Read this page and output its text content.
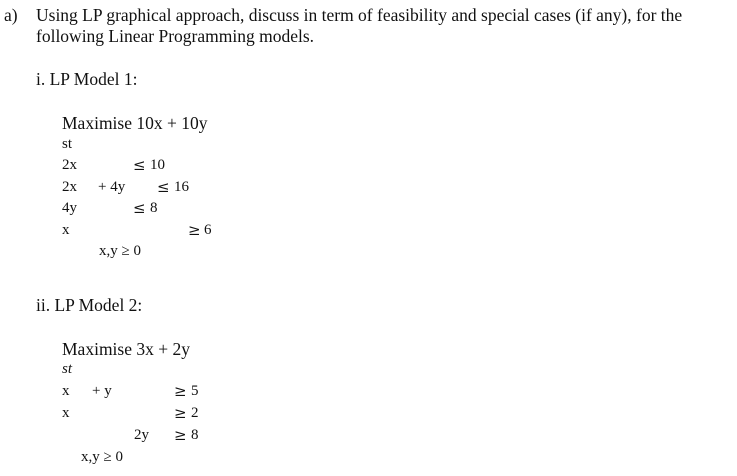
a) Using LP graphical approach, discuss in term of feasibility and special cases (if any), for the
following Linear Programming models.
i. LP Model 1:
Maximise 10x + 10y
st
2x	≤ 10
2x + 4y ≤ 16
4y	≤ 8
x	≥ 6
x,y ≥ 0
ii. LP Model 2:
Maximise 3x + 2y
st
x + y	≥ 5
x	≥ 2
2y ≥ 8
x,y ≥ 0
